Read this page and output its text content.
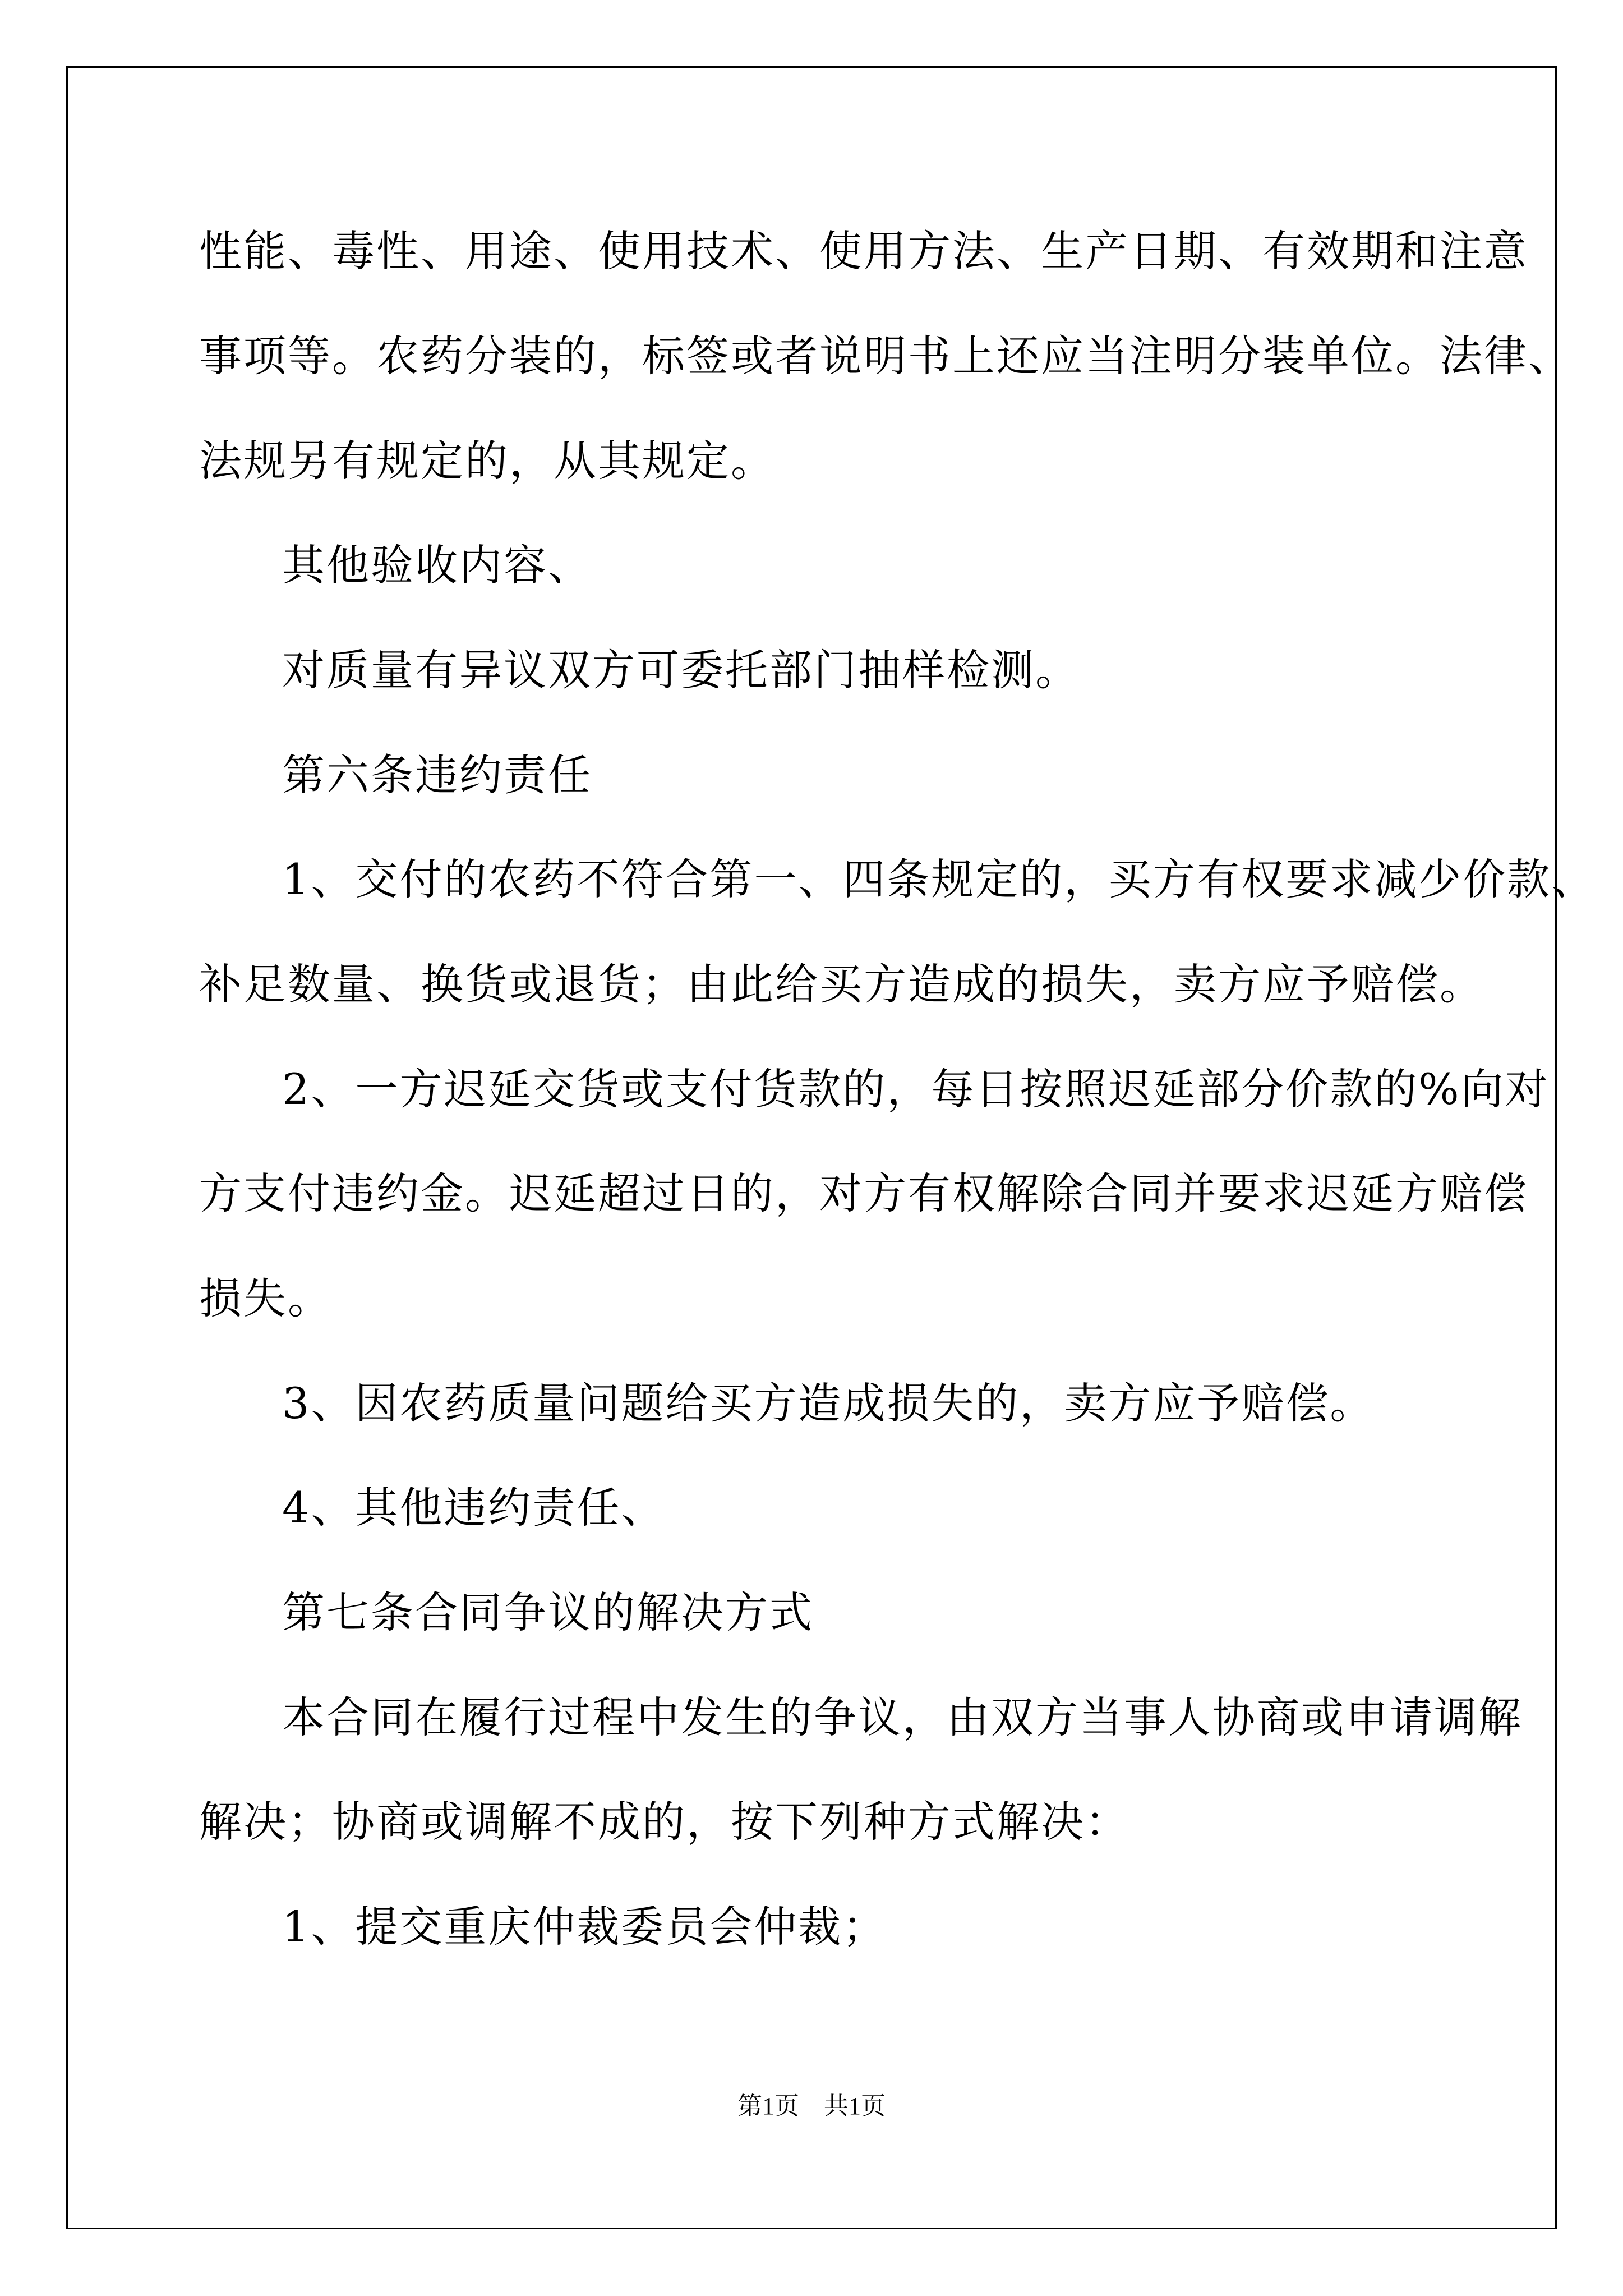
性能、毒性、用途、使用技术、使用方法、生产日期、有效期和注意
事项等。农药分装的，标签或者说明书上还应当注明分装单位。法律、
法规另有规定的，从其规定。
其他验收内容、
对质量有异议双方可委托部门抽样检测。
第六条违约责任
1、交付的农药不符合第一、四条规定的，买方有权要求减少价款、
补足数量、换货或退货；由此给买方造成的损失，卖方应予赔偿。
2、一方迟延交货或支付货款的，每日按照迟延部分价款的%向对
方支付违约金。迟延超过日的，对方有权解除合同并要求迟延方赔偿
损失。
3、因农药质量问题给买方造成损失的，卖方应予赔偿。
4、其他违约责任、
第七条合同争议的解决方式
本合同在履行过程中发生的争议，由双方当事人协商或申请调解
解决；协商或调解不成的，按下列种方式解决：
1、提交重庆仲裁委员会仲裁；
第1页　共1页
